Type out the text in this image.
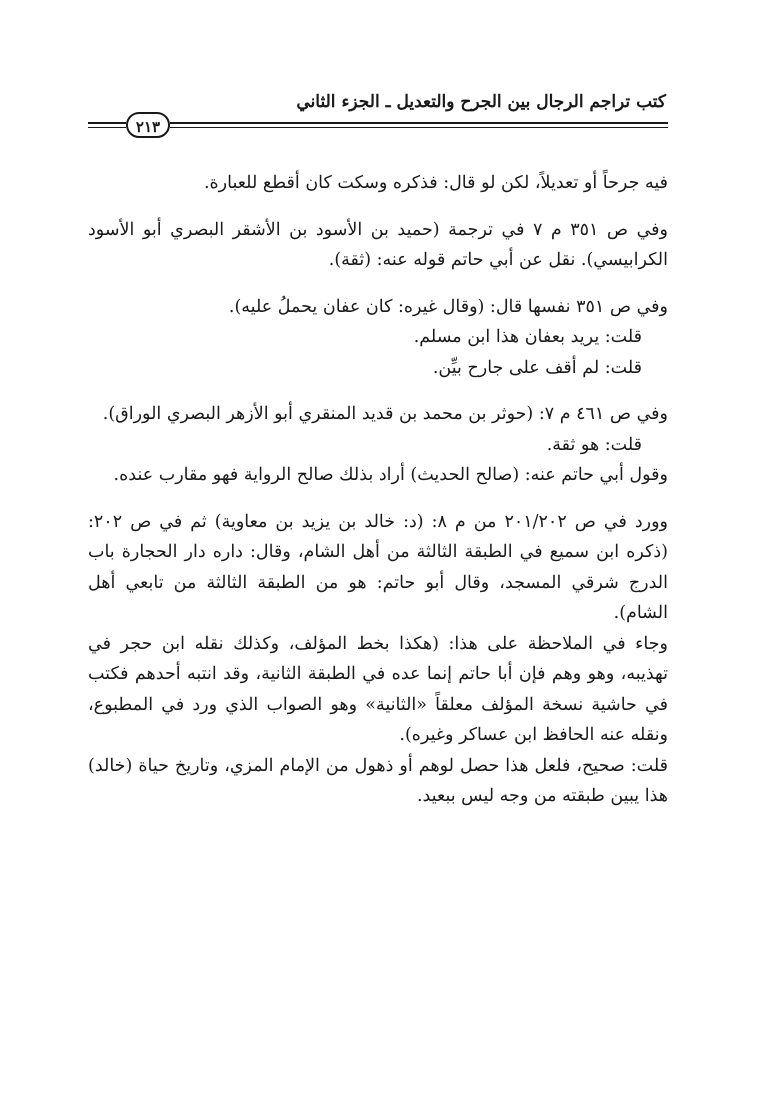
كتب تراجم الرجال بين الجرح والتعديل ـ الجزء الثاني
٢١٣

فيه جرحاً أو تعديلاً، لكن لو قال: فذكره وسكت كان أقطع للعبارة.

وفي ص ٣٥١ م ٧ في ترجمة (حميد بن الأسود بن الأشقر البصري أبو الأسود الكرابيسي). نقل عن أبي حاتم قوله عنه: (ثقة).

وفي ص ٣٥١ نفسها قال: (وقال غيره: كان عفان يحملُ عليه).

قلت: يريد بعفان هذا ابن مسلم.

قلت: لم أقف على جارح بيِّن.

وفي ص ٤٦١ م ٧: (حوثر بن محمد بن قديد المنقري أبو الأزهر البصري الوراق).

قلت: هو ثقة.

وقول أبي حاتم عنه: (صالح الحديث) أراد بذلك صالح الرواية فهو مقارب عنده.

وورد في ص ٢٠١/٢٠٢ من م ٨: (د: خالد بن يزيد بن معاوية) ثم في ص ٢٠٢: (ذكره ابن سميع في الطبقة الثالثة من أهل الشام، وقال: داره دار الحجارة باب الدرج شرقي المسجد، وقال أبو حاتم: هو من الطبقة الثالثة من تابعي أهل الشام).

وجاء في الملاحظة على هذا: (هكذا بخط المؤلف، وكذلك نقله ابن حجر في تهذيبه، وهو وهم فإن أبا حاتم إنما عده في الطبقة الثانية، وقد انتبه أحدهم فكتب في حاشية نسخة المؤلف معلقاً «الثانية» وهو الصواب الذي ورد في المطبوع، ونقله عنه الحافظ ابن عساكر وغيره).

قلت: صحيح، فلعل هذا حصل لوهم أو ذهول من الإمام المزي، وتاريخ حياة (خالد) هذا يبين طبقته من وجه ليس ببعيد.
